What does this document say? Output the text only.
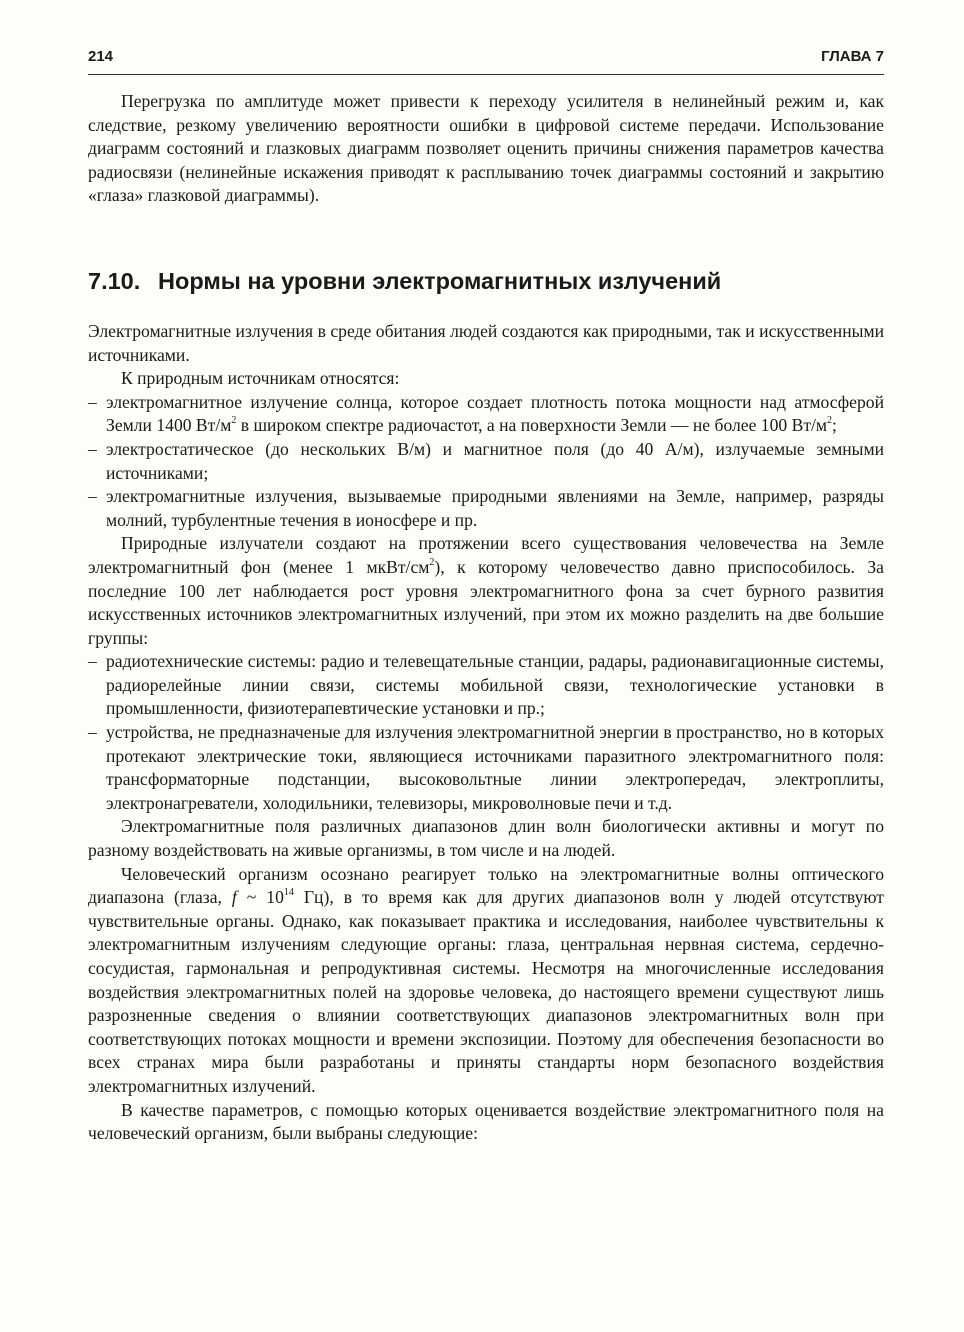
214	ГЛАВА 7

Перегрузка по амплитуде может привести к переходу усилителя в нелинейный режим и, как следствие, резкому увеличению вероятности ошибки в цифровой системе передачи. Использование диаграмм состояний и глазковых диаграмм позволяет оценить причины снижения параметров качества радиосвязи (нелинейные искажения приводят к расплыванию точек диаграммы состояний и закрытию «глаза» глазковой диаграммы).

7.10. Нормы на уровни электромагнитных излучений

Электромагнитные излучения в среде обитания людей создаются как природными, так и искусственными источниками.

К природным источникам относятся:

– электромагнитное излучение солнца, которое создает плотность потока мощности над атмосферой Земли 1400 $Вт/м^2$ в широком спектре радиочастот, а на поверхности Земли — не более 100 $Вт/м^2$;
– электростатическое (до нескольких В/м) и магнитное поля (до 40 А/м), излучаемые земными источниками;
– электромагнитные излучения, вызываемые природными явлениями на Земле, например, разряды молний, турбулентные течения в ионосфере и пр.

Природные излучатели создают на протяжении всего существования человечества на Земле электромагнитный фон (менее 1 мкВт/$см^2$), к которому человечество давно приспособилось. За последние 100 лет наблюдается рост уровня электромагнитного фона за счет бурного развития искусственных источников электромагнитных излучений, при этом их можно разделить на две большие группы:

– радиотехнические системы: радио и телевещательные станции, радары, радионавигационные системы, радиорелейные линии связи, системы мобильной связи, технологические установки в промышленности, физиотерапевтические установки и пр.;
– устройства, не предназначеные для излучения электромагнитной энергии в пространство, но в которых протекают электрические токи, являющиеся источниками паразитного электромагнитного поля: трансформаторные подстанции, высоковольтные линии электропередач, электроплиты, электронагреватели, холодильники, телевизоры, микроволновые печи и т.д.

Электромагнитные поля различных диапазонов длин волн биологически активны и могут по разному воздействовать на живые организмы, в том числе и на людей.

Человеческий организм осознано реагирует только на электромагнитные волны оптического диапазона (глаза, f ~ $10^{14}$ Гц), в то время как для других диапазонов волн у людей отсутствуют чувствительные органы. Однако, как показывает практика и исследования, наиболее чувствительны к электромагнитным излучениям следующие органы: глаза, центральная нервная система, сердечно-сосудистая, гармональная и репродуктивная системы. Несмотря на многочисленные исследования воздействия электромагнитных полей на здоровье человека, до настоящего времени существуют лишь разрозненные сведения о влиянии соответствующих диапазонов электромагнитных волн при соответствующих потоках мощности и времени экспозиции. Поэтому для обеспечения безопасности во всех странах мира были разработаны и приняты стандарты норм безопасного воздействия электромагнитных излучений.

В качестве параметров, с помощью которых оценивается воздействие электромагнитного поля на человеческий организм, были выбраны следующие:
